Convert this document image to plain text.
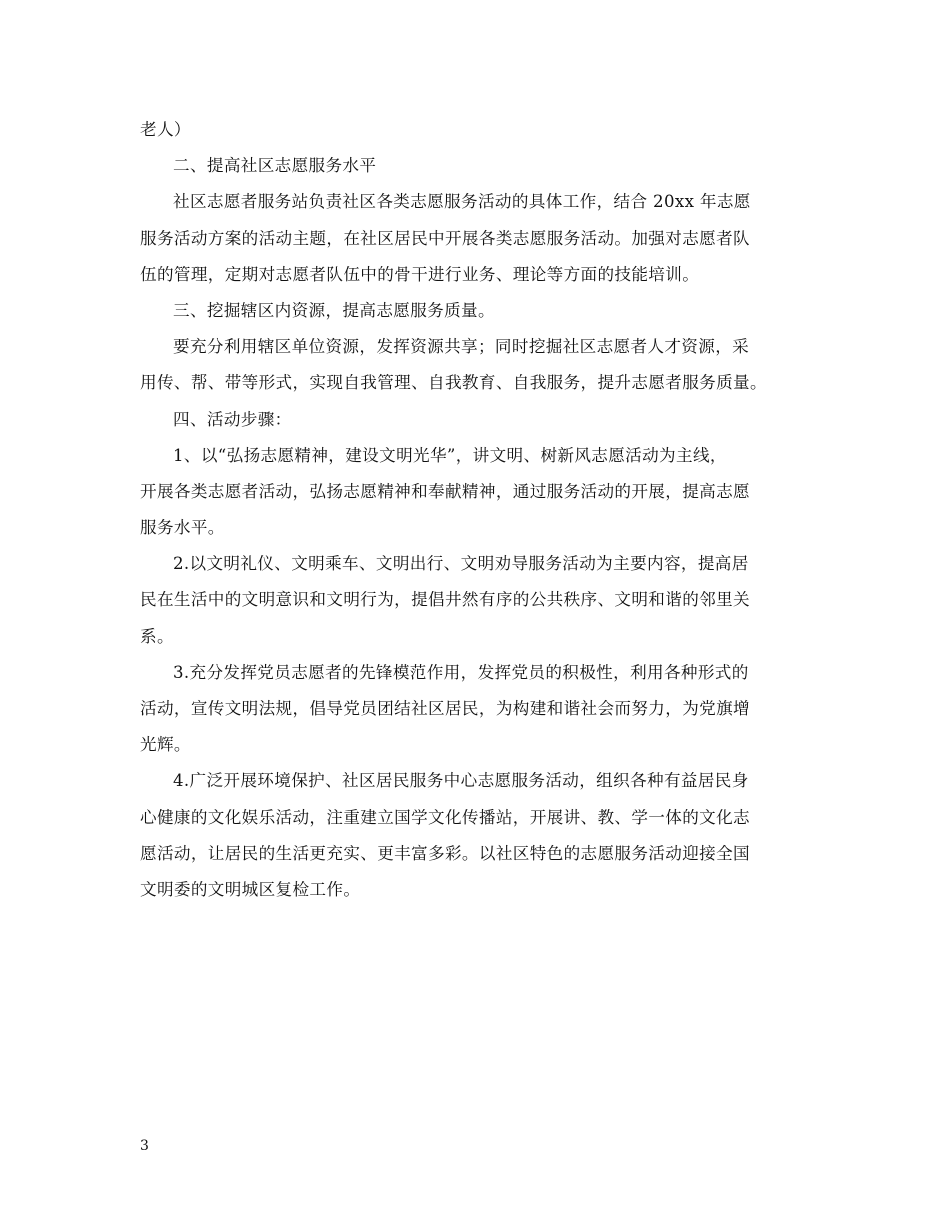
老人）
二、提高社区志愿服务水平
社区志愿者服务站负责社区各类志愿服务活动的具体工作，结合 20xx 年志愿
服务活动方案的活动主题，在社区居民中开展各类志愿服务活动。加强对志愿者队
伍的管理，定期对志愿者队伍中的骨干进行业务、理论等方面的技能培训。
三、挖掘辖区内资源，提高志愿服务质量。
要充分利用辖区单位资源，发挥资源共享；同时挖掘社区志愿者人才资源，采
用传、帮、带等形式，实现自我管理、自我教育、自我服务，提升志愿者服务质量。
四、活动步骤：
1、以“弘扬志愿精神，建设文明光华”，讲文明、树新风志愿活动为主线，
开展各类志愿者活动，弘扬志愿精神和奉献精神，通过服务活动的开展，提高志愿
服务水平。
2.以文明礼仪、文明乘车、文明出行、文明劝导服务活动为主要内容，提高居
民在生活中的文明意识和文明行为，提倡井然有序的公共秩序、文明和谐的邻里关
系。
3.充分发挥党员志愿者的先锋模范作用，发挥党员的积极性，利用各种形式的
活动，宣传文明法规，倡导党员团结社区居民，为构建和谐社会而努力，为党旗增
光辉。
4.广泛开展环境保护、社区居民服务中心志愿服务活动，组织各种有益居民身
心健康的文化娱乐活动，注重建立国学文化传播站，开展讲、教、学一体的文化志
愿活动，让居民的生活更充实、更丰富多彩。以社区特色的志愿服务活动迎接全国
文明委的文明城区复检工作。
3
